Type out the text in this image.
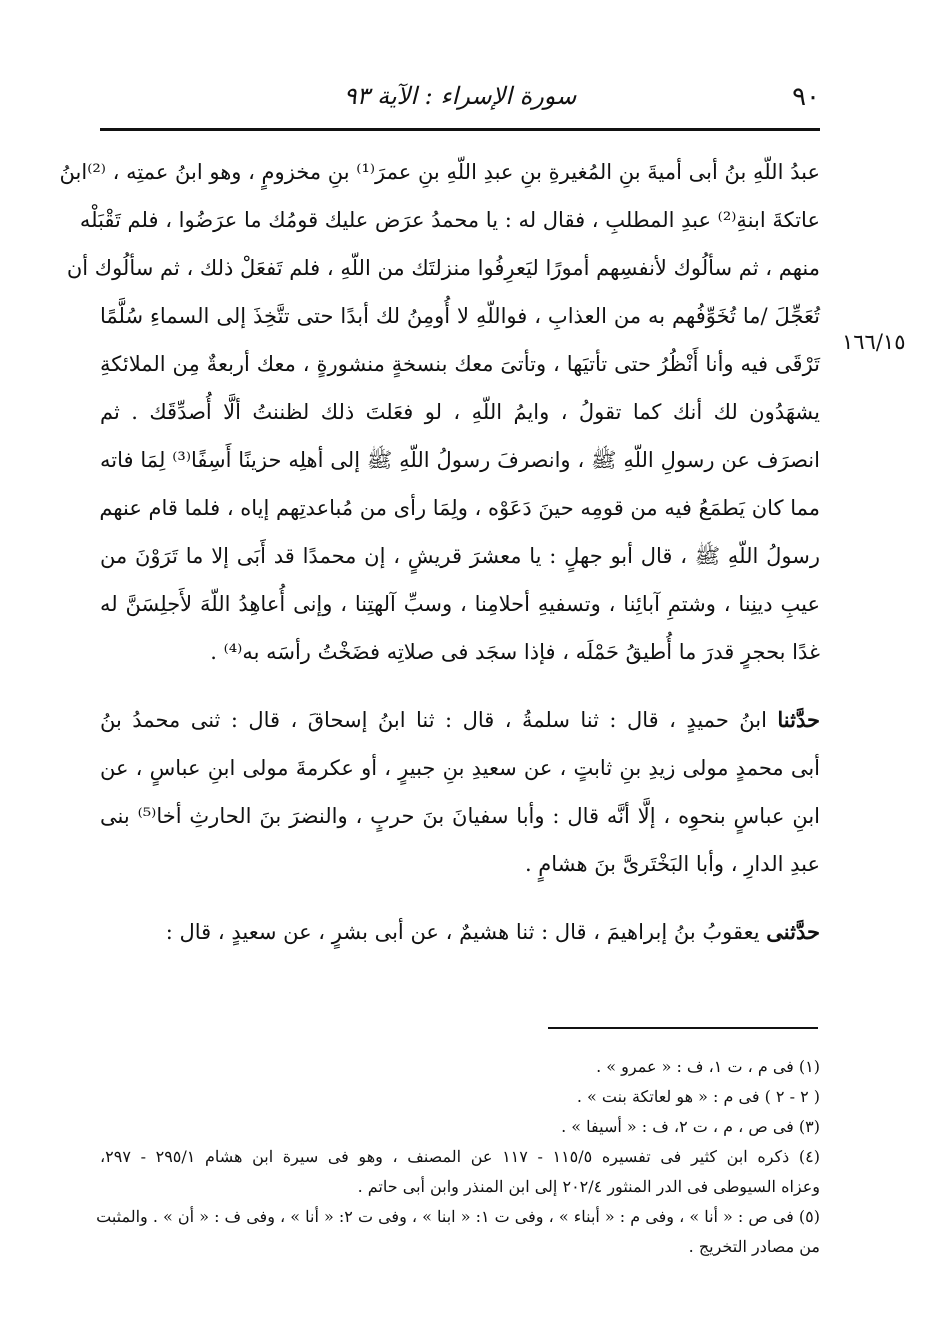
٩٠
سورة الإسراء : الآية ٩٣
١٦٦/١٥
عبدُ اللّهِ بنُ أبى أميةَ بنِ المُغيرةِ بنِ عبدِ اللّهِ بنِ عمرَ⁽¹⁾ بنِ مخزومٍ ، وهو ابنُ عمتِه ، ⁽²⁾ابنُ
عاتكةَ ابنةِ⁽²⁾ عبدِ المطلبِ ، فقال له : يا محمدُ عرَض عليك قومُك ما عرَضُوا ، فلم تَقْبَلْه
منهم ، ثم سألُوك لأنفسِهم أمورًا ليَعرِفُوا منزلتَك من اللّهِ ، فلم تَفعَلْ ذلك ، ثم سألُوك أن
تُعَجِّلَ /ما تُخَوِّفُهم به من العذابِ ، فواللّهِ لا أُومِنُ لك أبدًا حتى تتَّخِذَ إلى السماءِ سُلَّمًا
تَرْقَى فيه وأنا أَنْظُرُ حتى تأتيَها ، وتأتىَ معك بنسخةٍ منشورةٍ ، معك أربعةٌ مِن الملائكةِ
يشهَدُون لك أنك كما تقولُ ، وايمُ اللّهِ ، لو فعَلتَ ذلك لظننتُ ألَّا أُصدِّقَك . ثم
انصرَف عن رسولِ اللّهِ ﷺ ، وانصرفَ رسولُ اللّهِ ﷺ إلى أهلِه حزينًا أَسِفًا⁽³⁾ لِمَا فاته
مما كان يَطمَعُ فيه من قومِه حينَ دَعَوْه ، ولِمَا رأى من مُباعدتِهم إياه ، فلما قام عنهم
رسولُ اللّهِ ﷺ ، قال أبو جهلٍ : يا معشرَ قريشٍ ، إن محمدًا قد أَبَى إلا ما تَرَوْنَ من
عيبِ دينِنا ، وشتمِ آبائِنا ، وتسفيهِ أحلامِنا ، وسبِّ آلهتِنا ، وإنى أُعاهِدُ اللّهَ لأَجلِسَنَّ له
غدًا بحجرٍ قدرَ ما أُطيقُ حَمْلَه ، فإذا سجَد فى صلاتِه فضَخْتُ رأسَه به⁽⁴⁾ .
حدَّثنا ابنُ حميدٍ ، قال : ثنا سلمةُ ، قال : ثنا ابنُ إسحاقَ ، قال : ثنى محمدُ بنُ
أبى محمدٍ مولى زيدِ بنِ ثابتٍ ، عن سعيدِ بنِ جبيرٍ ، أو عكرمةَ مولى ابنِ عباسٍ ، عن
ابنِ عباسٍ بنحوِه ، إلَّا أنَّه قال : وأبا سفيانَ بنَ حربٍ ، والنضرَ بنَ الحارثِ أخا⁽⁵⁾ بنى
عبدِ الدارِ ، وأبا البَخْتَرىَّ بنَ هشامٍ .
حدَّثنى يعقوبُ بنُ إبراهيمَ ، قال : ثنا هشيمٌ ، عن أبى بشرٍ ، عن سعيدٍ ، قال :
(١) فى م ، ت ١، ف : « عمرو » .
( ٢ - ٢ ) فى م : « هو لعاتكة بنت » .
(٣) فى ص ، م ، ت ٢، ف : « أسيفا » .
(٤) ذكره ابن كثير فى تفسيره ١١٥/٥ - ١١٧ عن المصنف ، وهو فى سيرة ابن هشام ٢٩٥/١ - ٢٩٧،
وعزاه السيوطى فى الدر المنثور ٢٠٢/٤ إلى ابن المنذر وابن أبى حاتم .
(٥) فى ص : « أنا » ، وفى م : « أبناء » ، وفى ت ١: « ابنا » ، وفى ت ٢: « أنا » ، وفى ف : « أن » . والمثبت
من مصادر التخريج .
